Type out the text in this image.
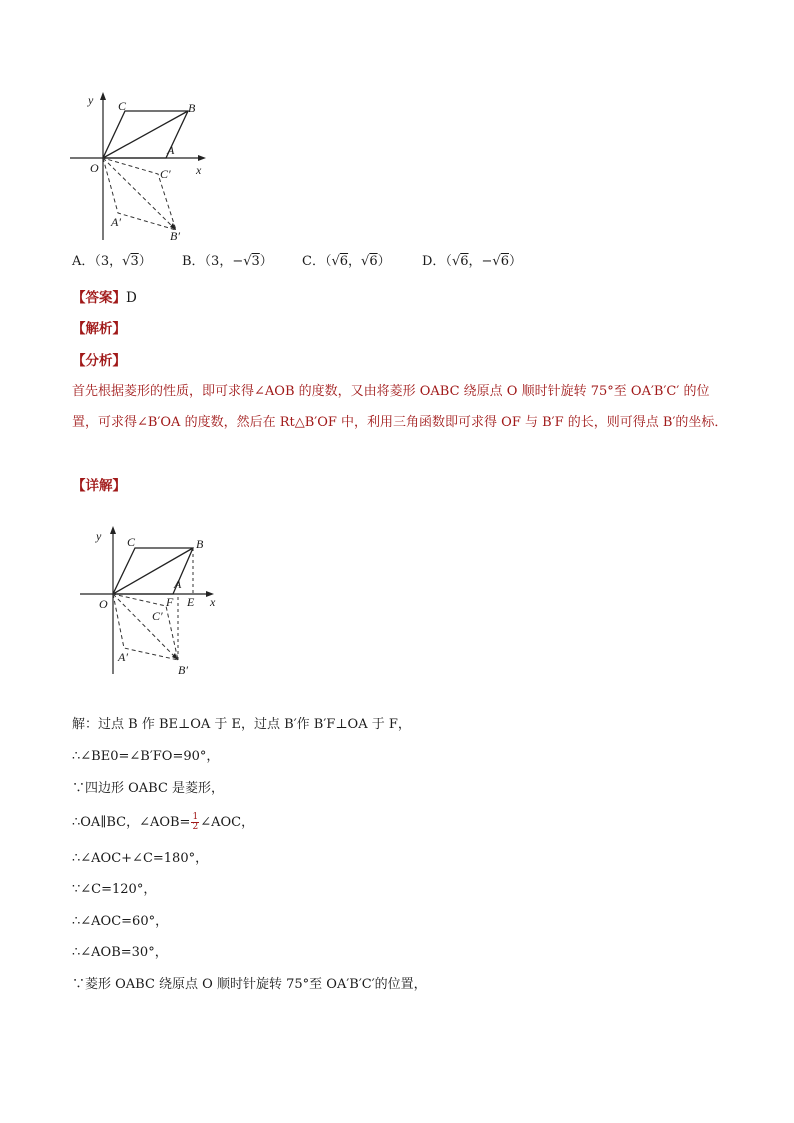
y
x
O
C	B
A
C′
A′
B′
A．（3，√3）	B．（3，−√3）	C．（√6，√6）	D．（√6，−√6）
【答案】D
【解析】
【分析】
首先根据菱形的性质，即可求得∠AOB 的度数，又由将菱形 OABC 绕原点 O 顺时针旋转 75°至 OA′B′C′ 的位置，可求得∠B′OA 的度数，然后在 Rt△B′OF 中，利用三角函数即可求得 OF 与 B′F 的长，则可得点 B′的坐标．
【详解】
y
x
O
C	B
A
F E
C′
A′
B′
解：过点 B 作 BE⊥OA 于 E，过点 B′作 B′F⊥OA 于 F，
∴∠BE0=∠B′FO=90°，
∵四边形 OABC 是菱形，
∴OA∥BC，∠AOB= $\frac{1}{2}$ ∠AOC，
∴∠AOC+∠C=180°，
∵∠C=120°，
∴∠AOC=60°，
∴∠AOB=30°，
∵菱形 OABC 绕原点 O 顺时针旋转 75°至 OA′B′C′的位置，
